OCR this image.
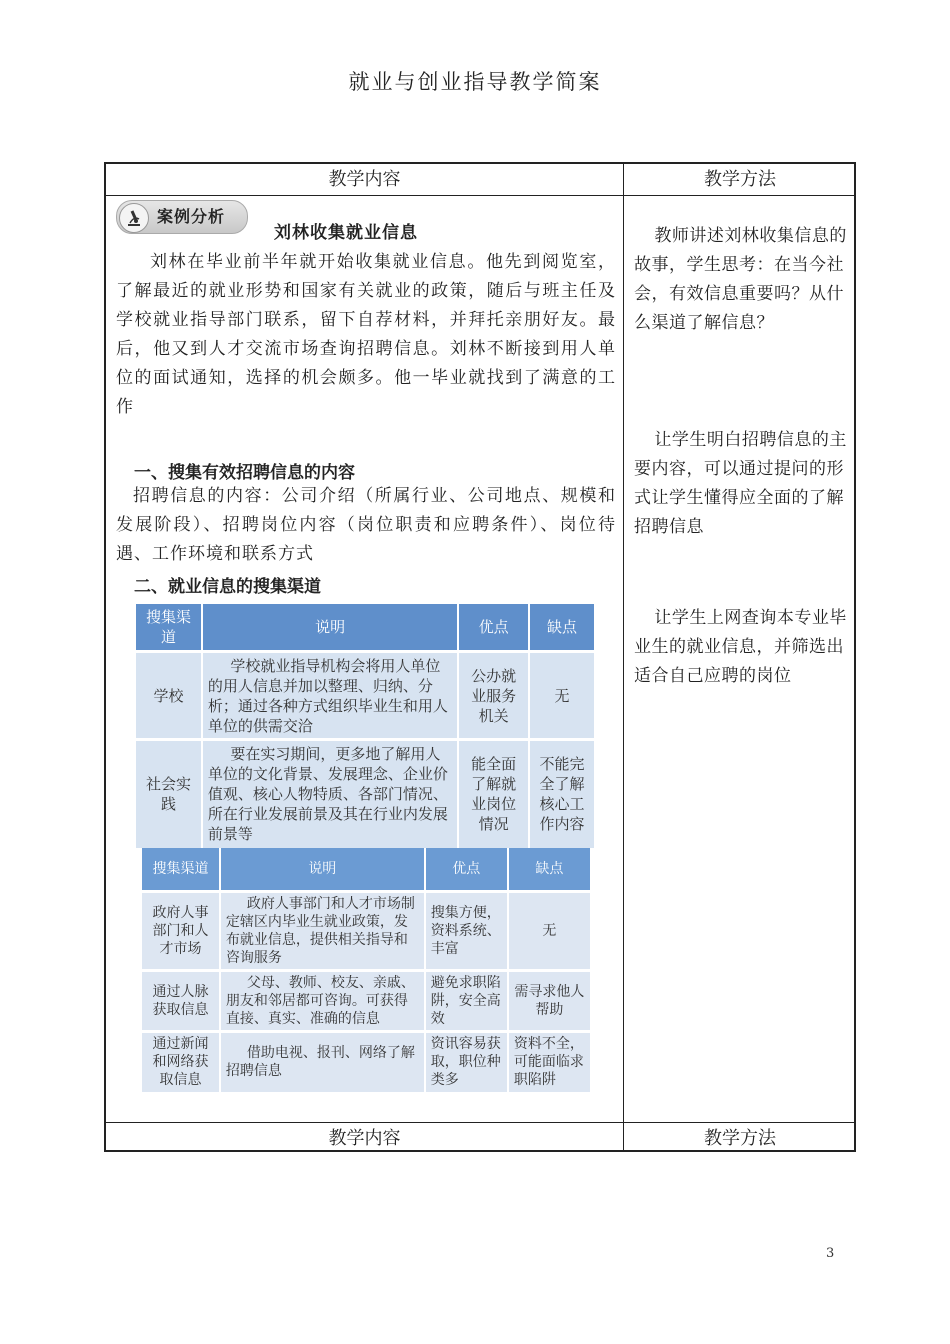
就业与创业指导教学简案
教学内容	教学方法
案例分析
刘林收集就业信息
刘林在毕业前半年就开始收集就业信息。他先到阅览室，了解最近的就业形势和国家有关就业的政策，随后与班主任及学校就业指导部门联系，留下自荐材料，并拜托亲朋好友。最后，他又到人才交流市场查询招聘信息。刘林不断接到用人单位的面试通知，选择的机会颇多。他一毕业就找到了满意的工作
一、搜集有效招聘信息的内容
招聘信息的内容：公司介绍（所属行业、公司地点、规模和发展阶段）、招聘岗位内容（岗位职责和应聘条件）、岗位待遇、工作环境和联系方式
二、就业信息的搜集渠道
搜集渠道	说明	优点	缺点
学校	学校就业指导机构会将用人单位的用人信息并加以整理、归纳、分析；通过各种方式组织毕业生和用人单位的供需交洽	公办就业服务机关	无
社会实践	要在实习期间，更多地了解用人单位的文化背景、发展理念、企业价值观、核心人物特质、各部门情况、所在行业发展前景及其在行业内发展前景等	能全面了解就业岗位情况	不能完全了解核心工作内容
搜集渠道	说明	优点	缺点
政府人事部门和人才市场	政府人事部门和人才市场制定辖区内毕业生就业政策，发布就业信息，提供相关指导和咨询服务	搜集方便，资料系统、丰富	无
通过人脉获取信息	父母、教师、校友、亲戚、朋友和邻居都可咨询。可获得直接、真实、准确的信息	避免求职陷阱，安全高效	需寻求他人帮助
通过新闻和网络获取信息	借助电视、报刊、网络了解招聘信息	资讯容易获取，职位种类多	资料不全，可能面临求职陷阱
教师讲述刘林收集信息的故事，学生思考：在当今社会，有效信息重要吗？从什么渠道了解信息？
让学生明白招聘信息的主要内容，可以通过提问的形式让学生懂得应全面的了解招聘信息
让学生上网查询本专业毕业生的就业信息，并筛选出适合自己应聘的岗位
教学内容	教学方法
3
